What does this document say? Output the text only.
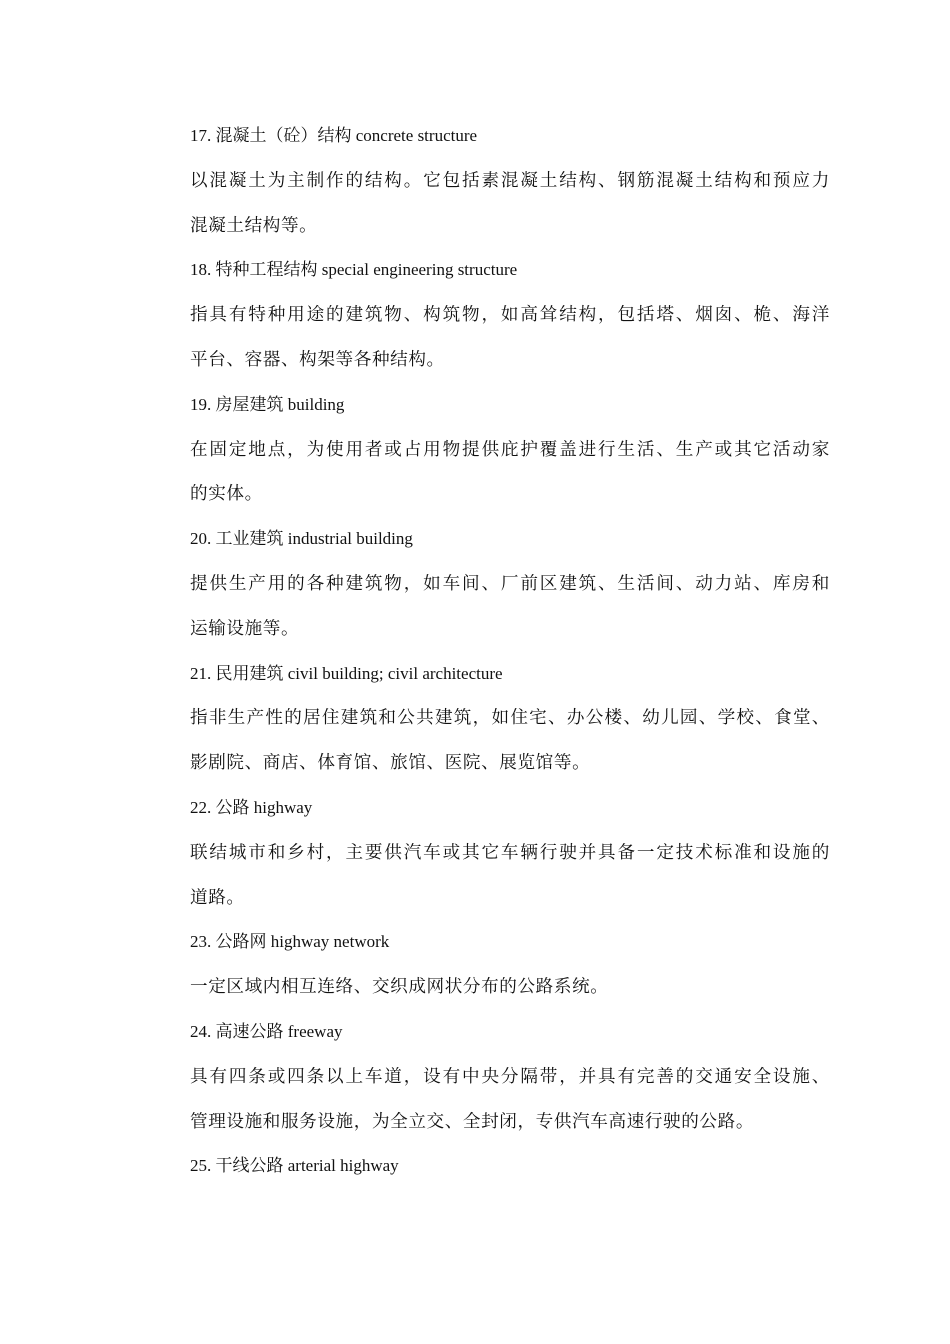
17. 混凝土（砼）结构 concrete structure

以混凝土为主制作的结构。它包括素混凝土结构、钢筋混凝土结构和预应力

混凝土结构等。

18. 特种工程结构 special engineering structure

指具有特种用途的建筑物、构筑物，如高耸结构，包括塔、烟囱、桅、海洋

平台、容器、构架等各种结构。

19. 房屋建筑 building

在固定地点，为使用者或占用物提供庇护覆盖进行生活、生产或其它活动家

的实体。

20. 工业建筑 industrial building

提供生产用的各种建筑物，如车间、厂前区建筑、生活间、动力站、库房和

运输设施等。

21. 民用建筑 civil building; civil architecture

指非生产性的居住建筑和公共建筑，如住宅、办公楼、幼儿园、学校、食堂、

影剧院、商店、体育馆、旅馆、医院、展览馆等。

22. 公路 highway

联结城市和乡村，主要供汽车或其它车辆行驶并具备一定技术标准和设施的

道路。

23. 公路网 highway network

一定区域内相互连络、交织成网状分布的公路系统。

24. 高速公路 freeway

具有四条或四条以上车道，设有中央分隔带，并具有完善的交通安全设施、

管理设施和服务设施，为全立交、全封闭，专供汽车高速行驶的公路。

25. 干线公路 arterial highway
